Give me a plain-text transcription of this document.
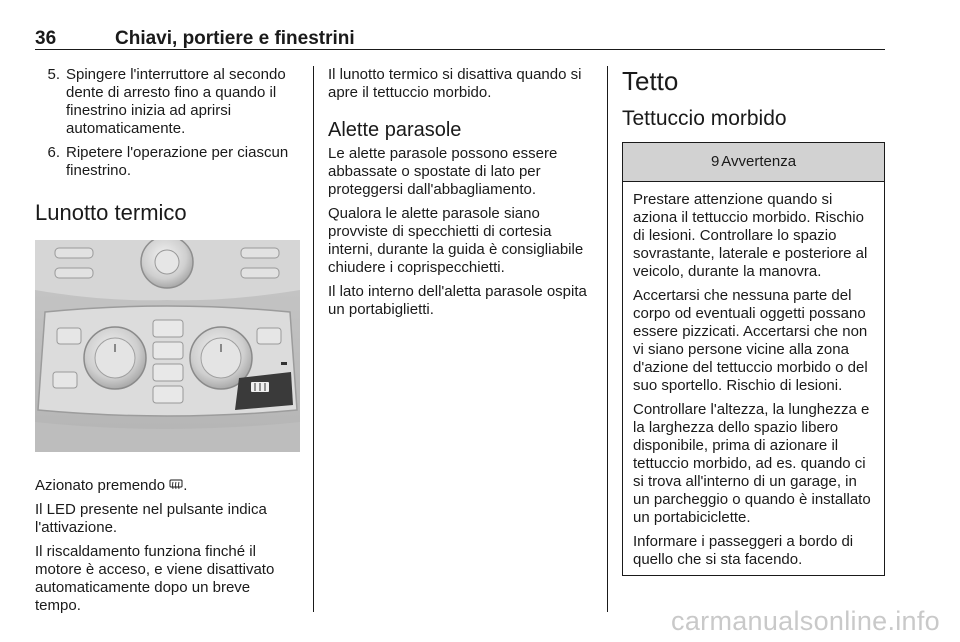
36	Chiavi, portiere e finestrini
5. Spingere l'interruttore al secondo dente di arresto fino a quando il finestrino inizia ad aprirsi automaticamente.
6. Ripetere l'operazione per ciascun finestrino.
Lunotto termico

Azionato premendo .

Il LED presente nel pulsante indica l'attivazione.

Il riscaldamento funziona finché il motore è acceso, e viene disattivato automaticamente dopo un breve tempo.

Il lunotto termico si disattiva quando si apre il tettuccio morbido.

Alette parasole

Le alette parasole possono essere abbassate o spostate di lato per proteggersi dall'abbagliamento.

Qualora le alette parasole siano provviste di specchietti di cortesia interni, durante la guida è consigliabile chiudere i coprispecchietti.

Il lato interno dell'aletta parasole ospita un portabiglietti.

Tetto
Tettuccio morbido
9 Avvertenza

Prestare attenzione quando si aziona il tettuccio morbido. Rischio di lesioni. Controllare lo spazio sovrastante, laterale e posteriore al veicolo, durante la manovra.

Accertarsi che nessuna parte del corpo od eventuali oggetti possano essere pizzicati. Accertarsi che non vi siano persone vicine alla zona d'azione del tettuccio morbido o del suo sportello. Rischio di lesioni.

Controllare l'altezza, la lunghezza e la larghezza dello spazio libero disponibile, prima di azionare il tettuccio morbido, ad es. quando ci si trova all'interno di un garage, in un parcheggio o quando è installato un portabiciclette.

Informare i passeggeri a bordo di quello che si sta facendo.

carmanualsonline.info
